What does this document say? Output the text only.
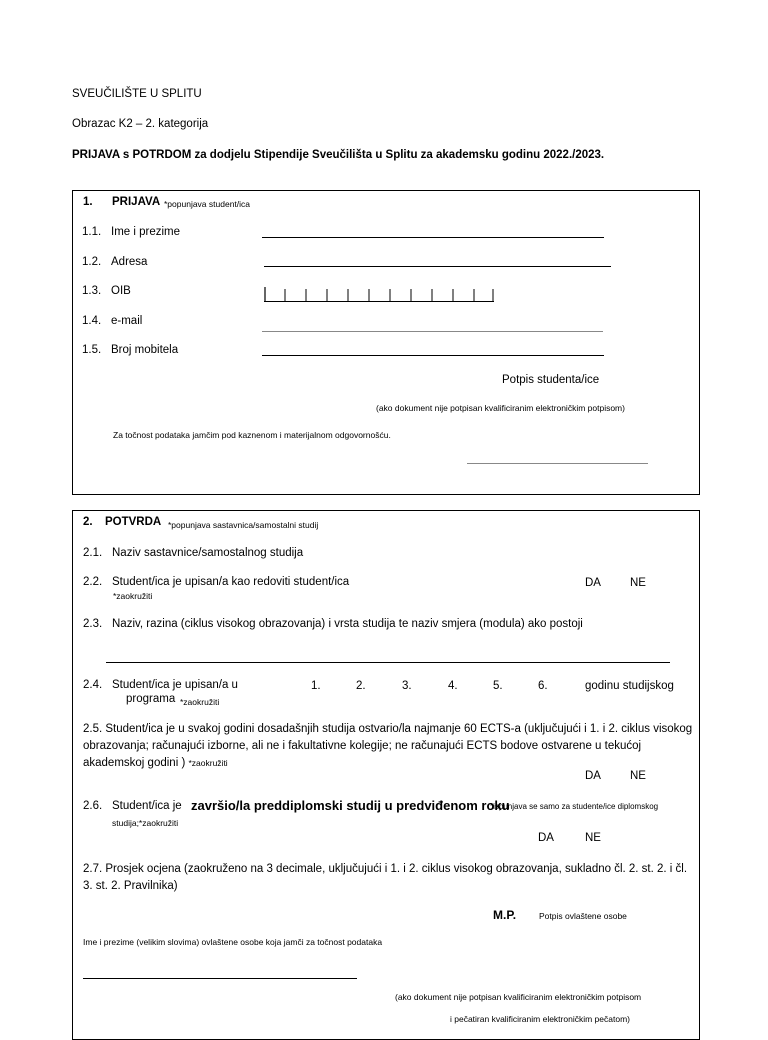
SVEUČILIŠTE U SPLITU
Obrazac K2 – 2. kategorija
PRIJAVA s POTRDOM za dodjelu Stipendije Sveučilišta u Splitu za akademsku godinu 2022./2023.
1. PRIJAVA *popunjava student/ica
1.1. Ime i prezime
1.2. Adresa
1.3. OIB
1.4. e-mail
1.5. Broj mobitela
Potpis studenta/ice
(ako dokument nije potpisan kvalificiranim elektroničkim potpisom)
Za točnost podataka jamčim pod kaznenom i materijalnom odgovornošću.
2. POTVRDA *popunjava sastavnica/samostalni studij
2.1. Naziv sastavnice/samostalnog studija
2.2. Student/ica je upisan/a kao redoviti student/ica
*zaokružiti
DA	NE
2.3. Naziv, razina (ciklus visokog obrazovanja) i vrsta studija te naziv smjera (modula) ako postoji
2.4. Student/ica je upisan/a u
programa *zaokružiti
1.	2.	3.	4.	5.	6.	godinu studijskog
2.5. Student/ica je u svakoj godini dosadašnjih studija ostvario/la najmanje 60 ECTS-a (uključujući i 1. i 2. ciklus visokog obrazovanja; računajući izborne, ali ne i fakultativne kolegije; ne računajući ECTS bodove ostvarene u tekućoj akademskoj godini ) *zaokružiti
DA	NE
2.6. Student/ica je završio/la preddiplomski studij u predviđenom roku
*ispunjava se samo za studente/ice diplomskog
studija;*zaokružiti
DA	NE
2.7. Prosjek ocjena (zaokruženo na 3 decimale, uključujući i 1. i 2. ciklus visokog obrazovanja, sukladno čl. 2. st. 2. i čl. 3. st. 2. Pravilnika)
M.P.	Potpis ovlaštene osobe
Ime i prezime (velikim slovima) ovlaštene osobe koja jamči za točnost podataka
(ako dokument nije potpisan kvalificiranim elektroničkim potpisom
i pečatiran kvalificiranim elektroničkim pečatom)
